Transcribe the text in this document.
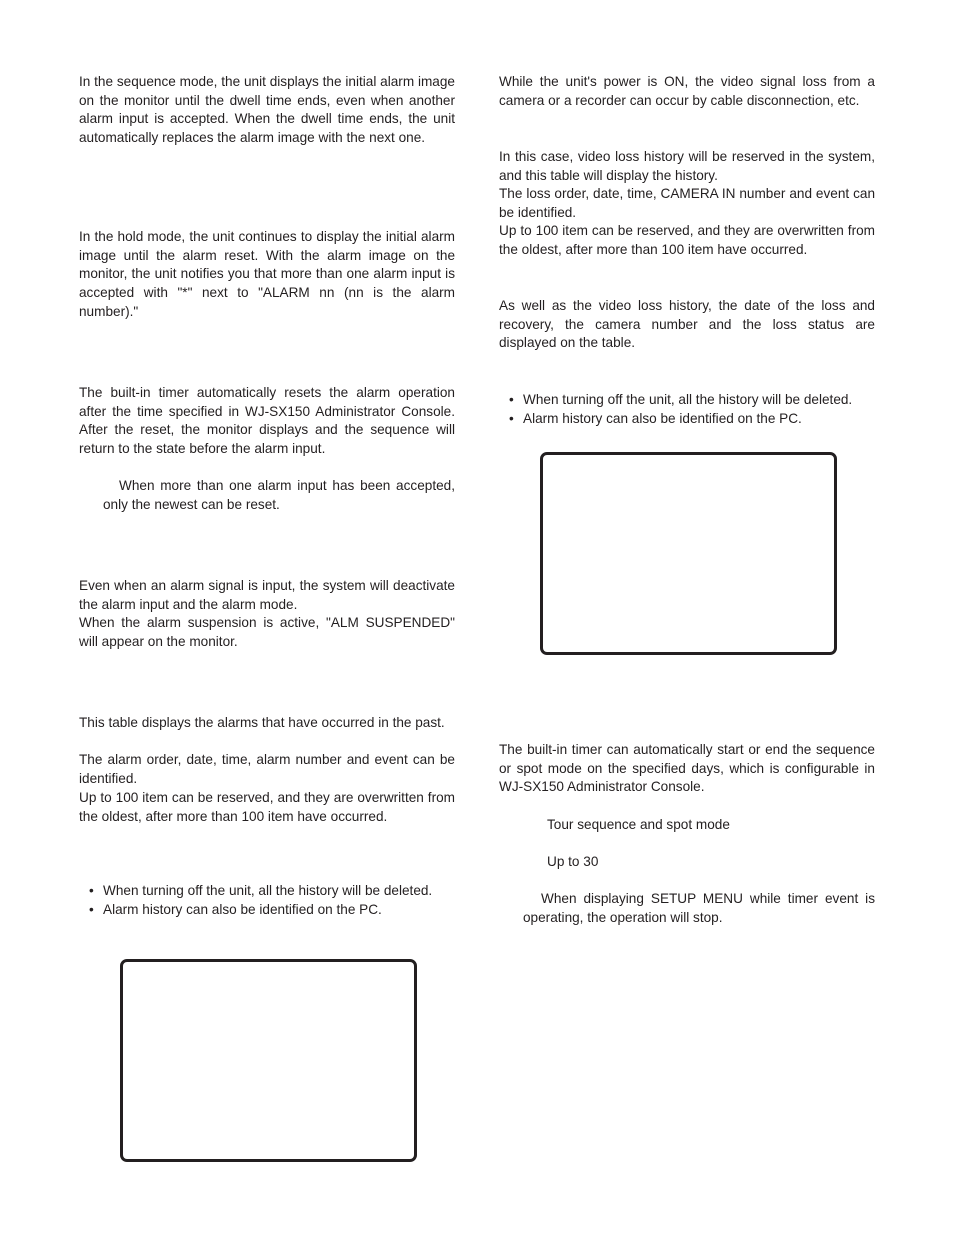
In the sequence mode, the unit displays the initial alarm image on the monitor until the dwell time ends, even when another alarm input is accepted. When the dwell time ends, the unit automatically replaces the alarm image with the next one.

In the hold mode, the unit continues to display the initial alarm image until the alarm reset. With the alarm image on the monitor, the unit notifies you that more than one alarm input is accepted with "*" next to "ALARM nn (nn is the alarm number)."

The built-in timer automatically resets the alarm operation after the time specified in WJ-SX150 Administrator Console. After the reset, the monitor displays and the sequence will return to the state before the alarm input.

When more than one alarm input has been accepted, only the newest can be reset.

Even when an alarm signal is input, the system will deactivate the alarm input and the alarm mode.

When the alarm suspension is active, "ALM SUSPENDED" will appear on the monitor.

This table displays the alarms that have occurred in the past.

The alarm order, date, time, alarm number and event can be identified.

Up to 100 item can be reserved, and they are overwritten from the oldest, after more than 100 item have occurred.

• When turning off the unit, all the history will be deleted.
• Alarm history can also be identified on the PC.

While the unit's power is ON, the video signal loss from a camera or a recorder can occur by cable disconnection, etc.

In this case, video loss history will be reserved in the system, and this table will display the history.

The loss order, date, time, CAMERA IN number and event can be identified.

Up to 100 item can be reserved, and they are overwritten from the oldest, after more than 100 item have occurred.

As well as the video loss history, the date of the loss and recovery, the camera number and the loss status are displayed on the table.

• When turning off the unit, all the history will be deleted.
• Alarm history can also be identified on the PC.

The built-in timer can automatically start or end the sequence or spot mode on the specified days, which is configurable in WJ-SX150 Administrator Console.

Tour sequence and spot mode

Up to 30

When displaying SETUP MENU while timer event is operating, the operation will stop.
